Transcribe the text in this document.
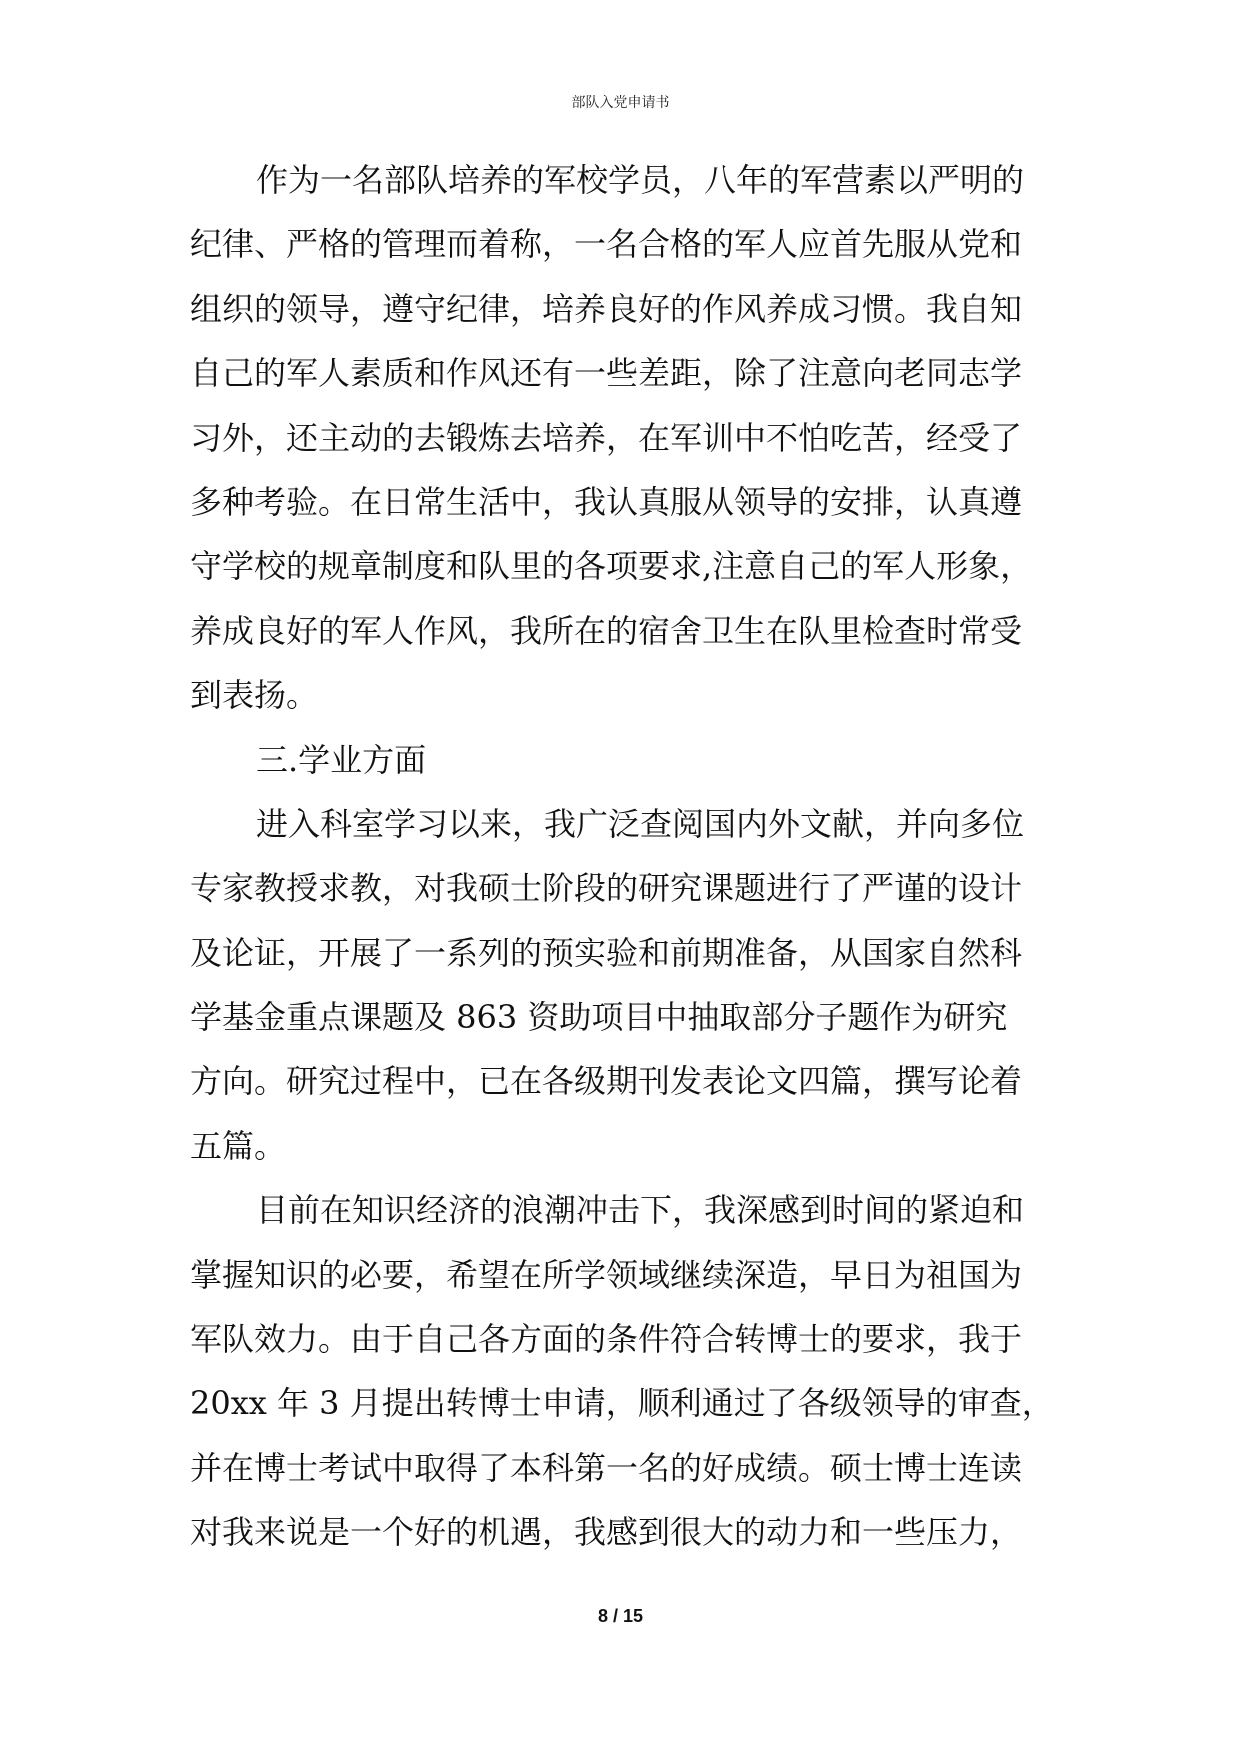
部队入党申请书
作为一名部队培养的军校学员，八年的军营素以严明的
纪律、严格的管理而着称，一名合格的军人应首先服从党和
组织的领导，遵守纪律，培养良好的作风养成习惯。我自知
自己的军人素质和作风还有一些差距，除了注意向老同志学
习外，还主动的去锻炼去培养，在军训中不怕吃苦，经受了
多种考验。在日常生活中，我认真服从领导的安排，认真遵
守学校的规章制度和队里的各项要求,注意自己的军人形象，
养成良好的军人作风，我所在的宿舍卫生在队里检查时常受
到表扬。
三.学业方面
进入科室学习以来，我广泛查阅国内外文献，并向多位
专家教授求教，对我硕士阶段的研究课题进行了严谨的设计
及论证，开展了一系列的预实验和前期准备，从国家自然科
学基金重点课题及 863 资助项目中抽取部分子题作为研究
方向。研究过程中，已在各级期刊发表论文四篇，撰写论着
五篇。
目前在知识经济的浪潮冲击下，我深感到时间的紧迫和
掌握知识的必要，希望在所学领域继续深造，早日为祖国为
军队效力。由于自己各方面的条件符合转博士的要求，我于
20xx 年 3 月提出转博士申请，顺利通过了各级领导的审查，
并在博士考试中取得了本科第一名的好成绩。硕士博士连读
对我来说是一个好的机遇，我感到很大的动力和一些压力，
8 / 15
